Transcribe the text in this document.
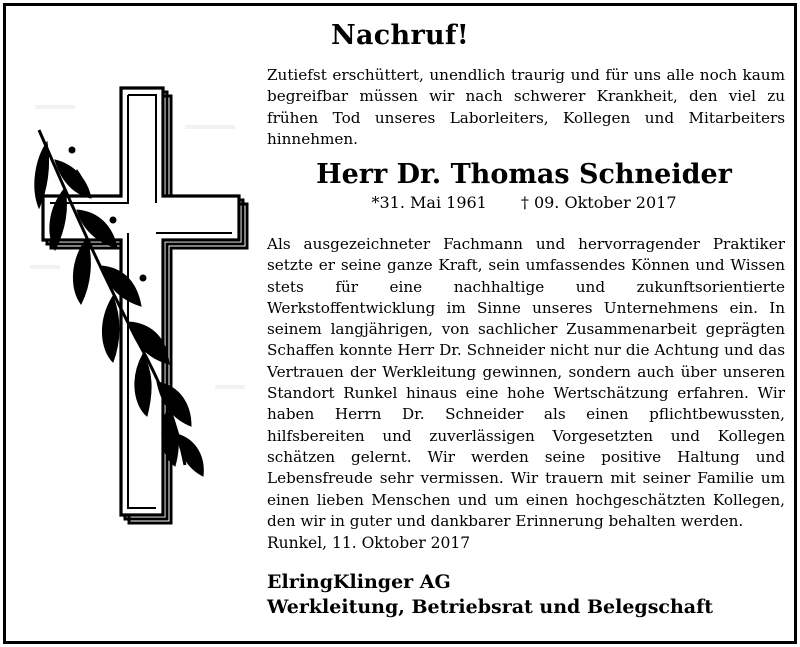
Nachruf!
Zutiefst erschüttert, unendlich traurig und für uns alle noch kaum begreifbar müssen wir nach schwerer Krankheit, den viel zu frühen Tod unseres Laborleiters, Kollegen und Mitarbeiters hinnehmen.
Herr Dr. Thomas Schneider
*31. Mai 1961 † 09. Oktober 2017
Als ausgezeichneter Fachmann und hervorragender Praktiker setzte er seine ganze Kraft, sein umfassendes Können und Wissen stets für eine nachhaltige und zukunftsorientierte Werkstoffentwicklung im Sinne unseres Unternehmens ein. In seinem langjährigen, von sachlicher Zusammenarbeit geprägten Schaffen konnte Herr Dr. Schneider nicht nur die Achtung und das Vertrauen der Werkleitung gewinnen, sondern auch über unseren Standort Runkel hinaus eine hohe Wertschätzung erfahren. Wir haben Herrn Dr. Schneider als einen pflichtbewussten, hilfsbereiten und zuverlässigen Vorgesetzten und Kollegen schätzen gelernt. Wir werden seine positive Haltung und Lebensfreude sehr vermissen. Wir trauern mit seiner Familie um einen lieben Menschen und um einen hochgeschätzten Kollegen, den wir in guter und dankbarer Erinnerung behalten werden.
Runkel, 11. Oktober 2017
ElringKlinger AG
Werkleitung, Betriebsrat und Belegschaft
